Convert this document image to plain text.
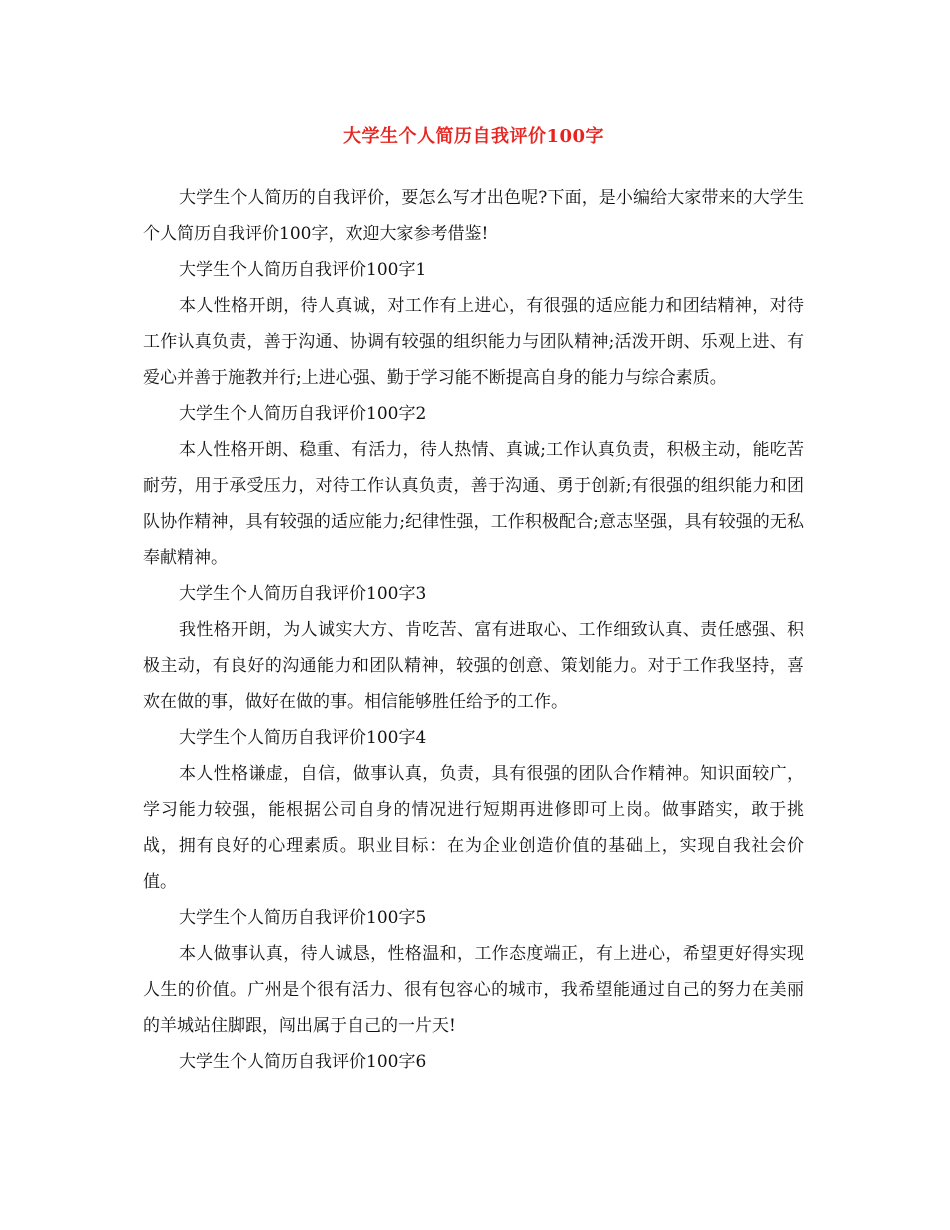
大学生个人简历自我评价100字

大学生个人简历的自我评价，要怎么写才出色呢?下面，是小编给大家带来的大学生个人简历自我评价100字，欢迎大家参考借鉴!

大学生个人简历自我评价100字1

本人性格开朗，待人真诚，对工作有上进心，有很强的适应能力和团结精神，对待工作认真负责，善于沟通、协调有较强的组织能力与团队精神;活泼开朗、乐观上进、有爱心并善于施教并行;上进心强、勤于学习能不断提高自身的能力与综合素质。

大学生个人简历自我评价100字2

本人性格开朗、稳重、有活力，待人热情、真诚;工作认真负责，积极主动，能吃苦耐劳，用于承受压力，对待工作认真负责，善于沟通、勇于创新;有很强的组织能力和团队协作精神，具有较强的适应能力;纪律性强，工作积极配合;意志坚强，具有较强的无私奉献精神。

大学生个人简历自我评价100字3

我性格开朗，为人诚实大方、肯吃苦、富有进取心、工作细致认真、责任感强、积极主动，有良好的沟通能力和团队精神，较强的创意、策划能力。对于工作我坚持，喜欢在做的事，做好在做的事。相信能够胜任给予的工作。

大学生个人简历自我评价100字4

本人性格谦虚，自信，做事认真，负责，具有很强的团队合作精神。知识面较广，学习能力较强，能根据公司自身的情况进行短期再进修即可上岗。做事踏实，敢于挑战，拥有良好的心理素质。职业目标：在为企业创造价值的基础上，实现自我社会价值。

大学生个人简历自我评价100字5

本人做事认真，待人诚恳，性格温和，工作态度端正，有上进心，希望更好得实现人生的价值。广州是个很有活力、很有包容心的城市，我希望能通过自己的努力在美丽的羊城站住脚跟，闯出属于自己的一片天!

大学生个人简历自我评价100字6
